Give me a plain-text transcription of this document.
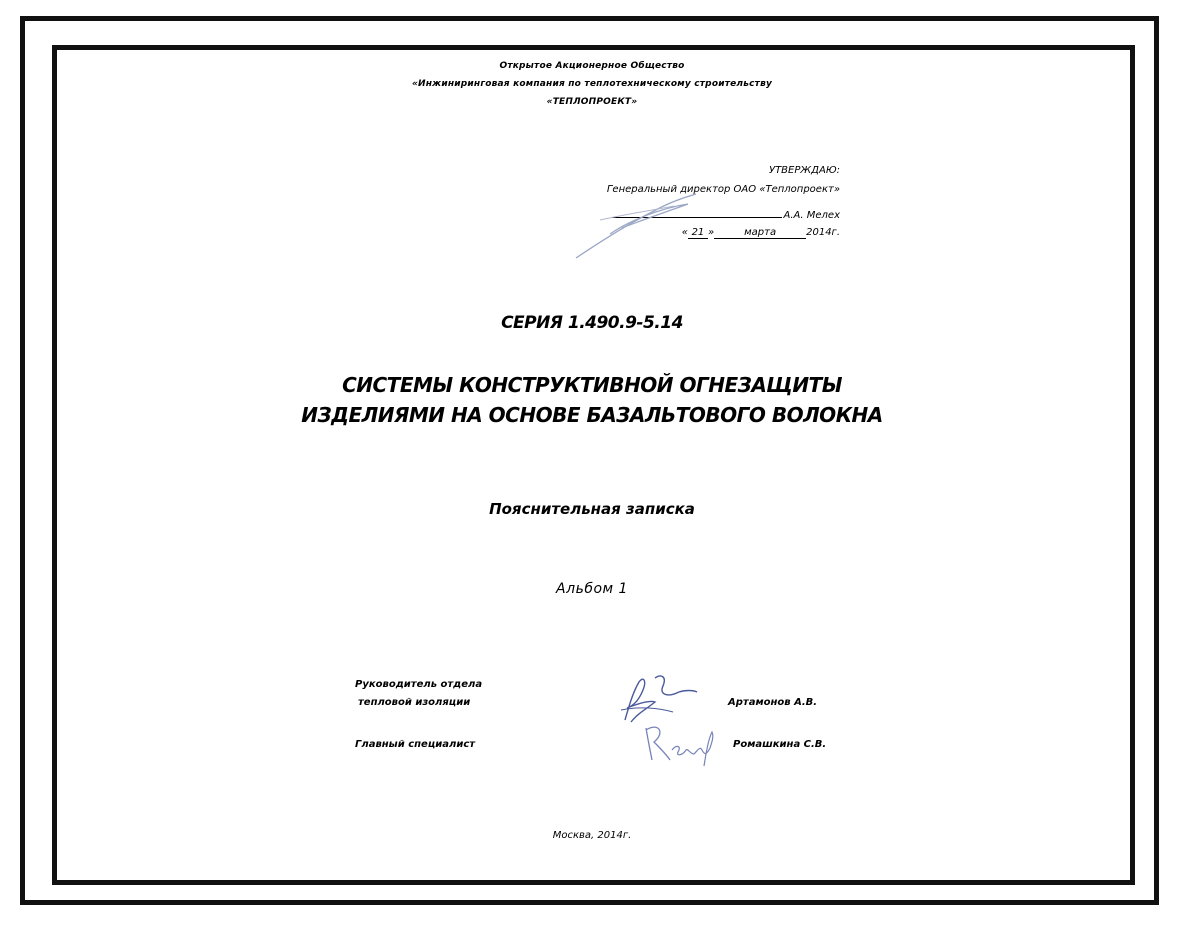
Открытое Акционерное Общество
«Инжиниринговая компания по теплотехническому строительству
«ТЕПЛОПРОЕКТ»
УТВЕРЖДАЮ:
Генеральный директор ОАО «Теплопроект»
А.А. Мелех
« 21 »	марта	2014г.
СЕРИЯ 1.490.9-5.14
СИСТЕМЫ КОНСТРУКТИВНОЙ ОГНЕЗАЩИТЫ
ИЗДЕЛИЯМИ НА ОСНОВЕ БАЗАЛЬТОВОГО ВОЛОКНА
Пояснительная записка
Альбом 1
Руководитель отдела
тепловой изоляции	Артамонов А.В.
Главный специалист	Ромашкина С.В.
Москва, 2014г.
